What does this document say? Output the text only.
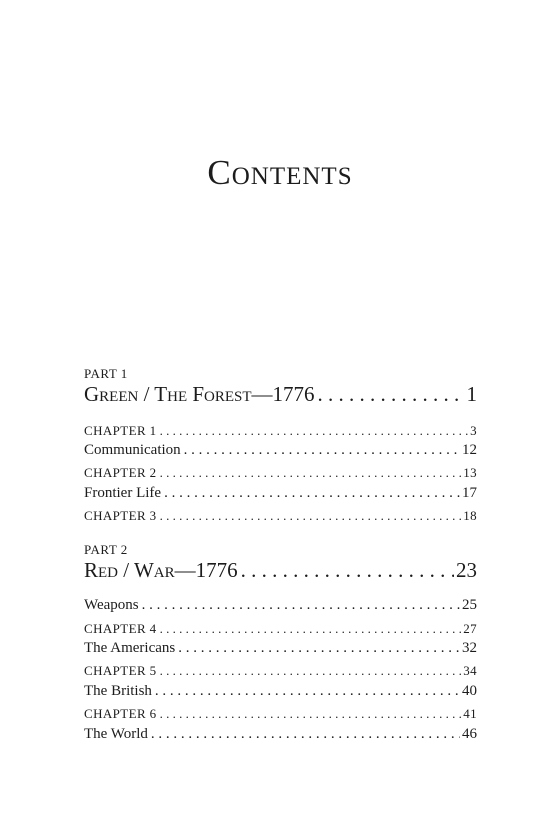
Contents
PART 1
Green / The Forest—1776 . . .	1
CHAPTER 1 . . .	3
Communication . . .	12
CHAPTER 2 . . .	13
Frontier Life . . .	17
CHAPTER 3 . . .	18
PART 2
Red / War—1776 . . .	23
Weapons . . .	25
CHAPTER 4 . . .	27
The Americans . . .	32
CHAPTER 5 . . .	34
The British . . .	40
CHAPTER 6 . . .	41
The World . . .	46
